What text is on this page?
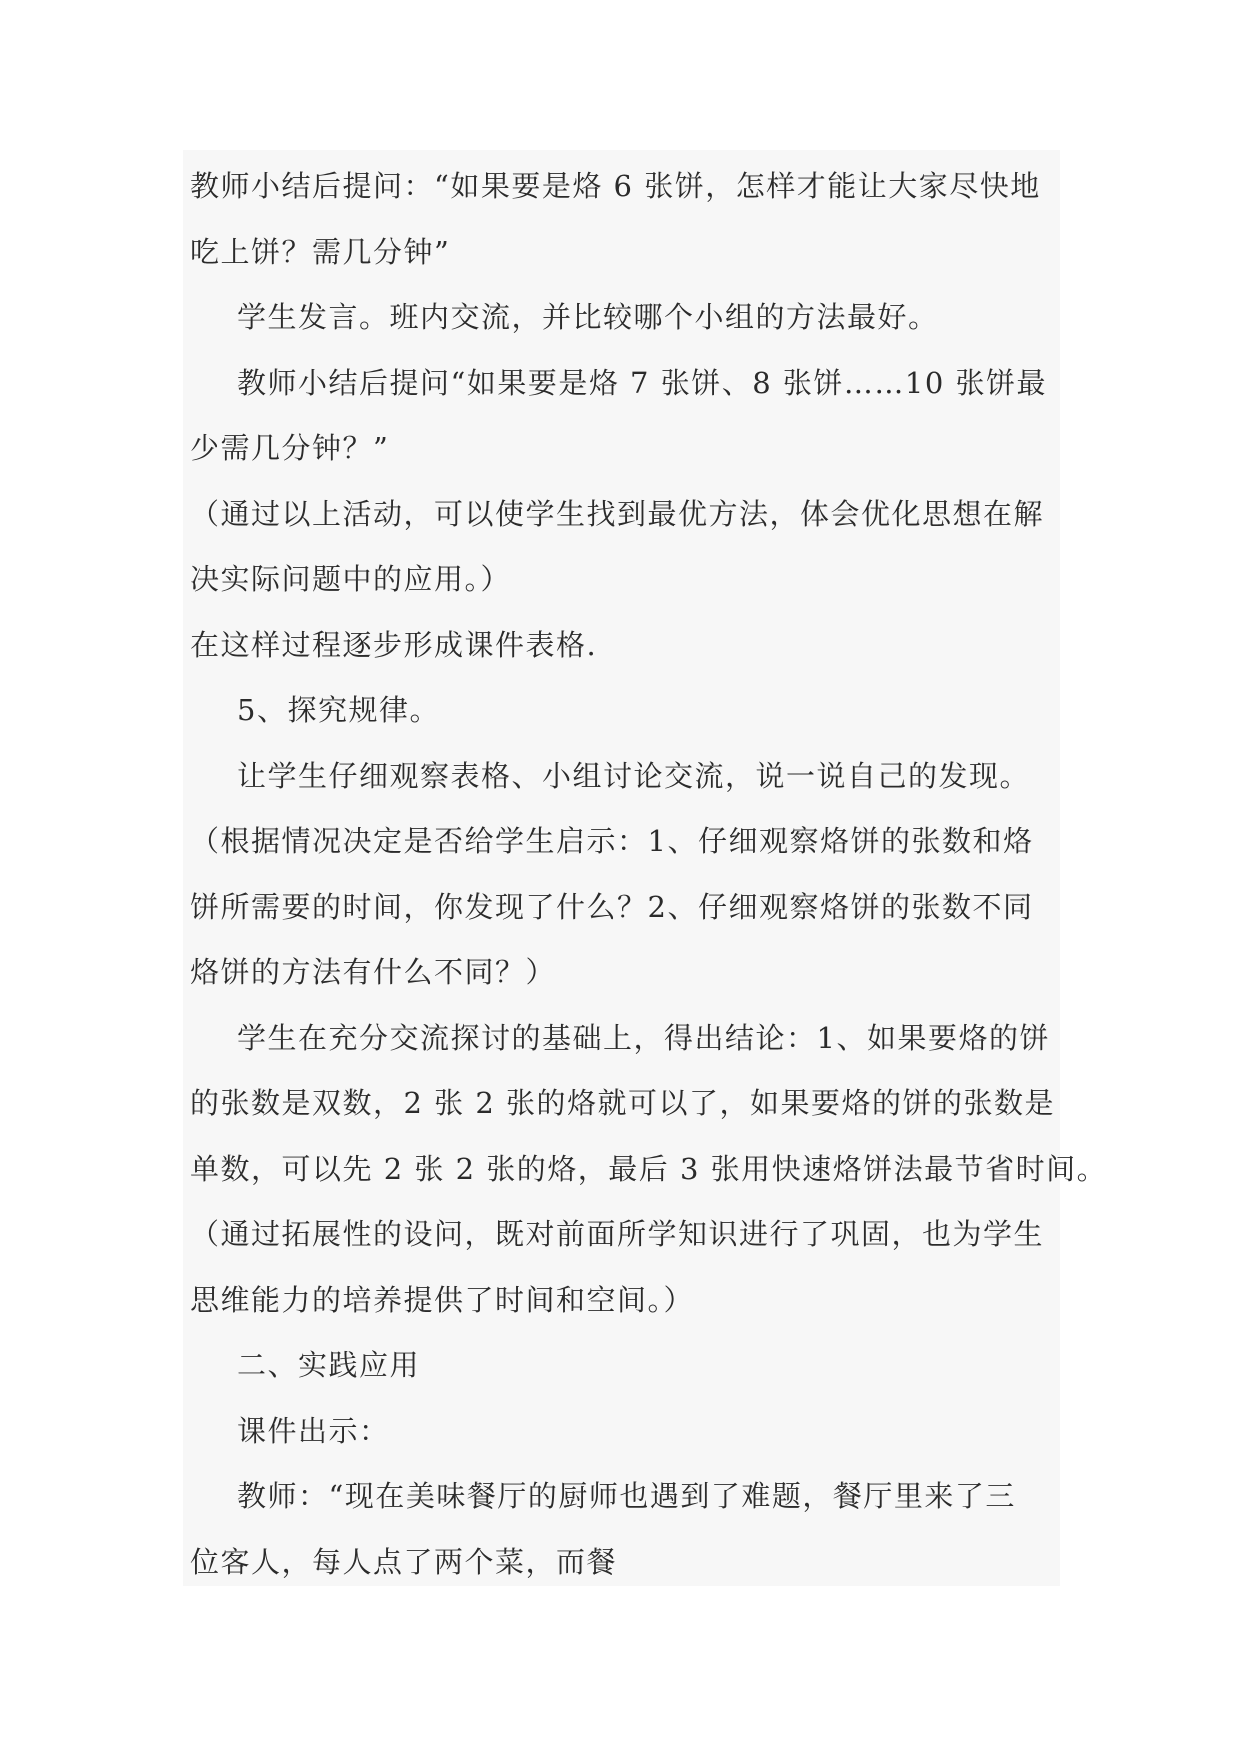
教师小结后提问：“如果要是烙 6 张饼，怎样才能让大家尽快地
吃上饼？需几分钟”
学生发言。班内交流，并比较哪个小组的方法最好。
教师小结后提问“如果要是烙 7 张饼、8 张饼……10 张饼最
少需几分钟？”
（通过以上活动，可以使学生找到最优方法，体会优化思想在解
决实际问题中的应用。）
在这样过程逐步形成课件表格.
5、探究规律。
让学生仔细观察表格、小组讨论交流，说一说自己的发现。
（根据情况决定是否给学生启示：1、仔细观察烙饼的张数和烙
饼所需要的时间，你发现了什么？2、仔细观察烙饼的张数不同
烙饼的方法有什么不同？）
学生在充分交流探讨的基础上，得出结论：1、如果要烙的饼
的张数是双数，2 张 2 张的烙就可以了，如果要烙的饼的张数是
单数，可以先 2 张 2 张的烙，最后 3 张用快速烙饼法最节省时间。
（通过拓展性的设问，既对前面所学知识进行了巩固，也为学生
思维能力的培养提供了时间和空间。）
二、实践应用
课件出示：
教师：“现在美味餐厅的厨师也遇到了难题，餐厅里来了三
位客人，每人点了两个菜，而餐
